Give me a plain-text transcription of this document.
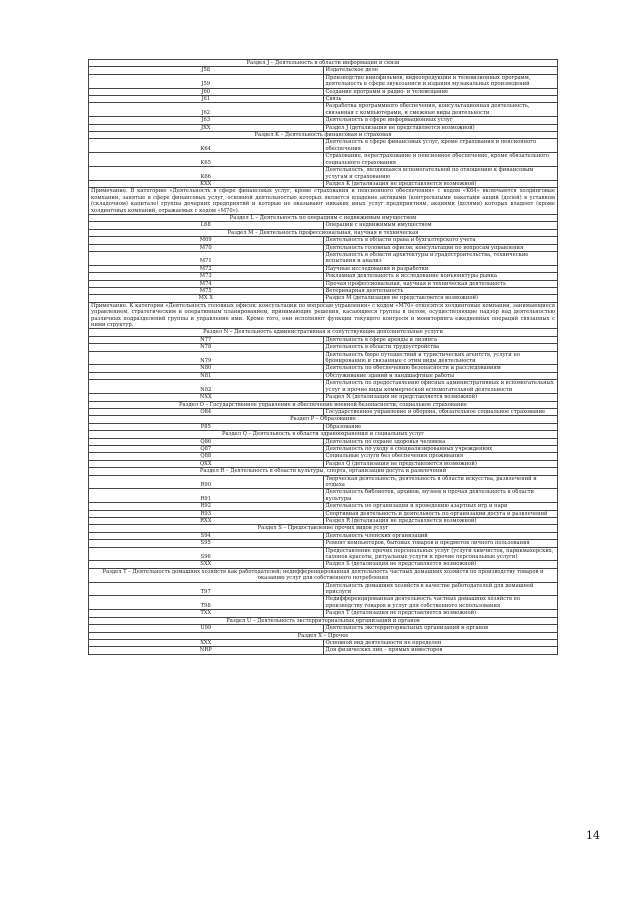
Раздел J – Деятельность в области информации и связи	
J58	Издательское дело
J59	Производство кинофильмов, видеопродукции и телевизионных программ, деятельность в сфере звукозаписи и издания музыкальных произведений
J60	Создание программ и радио- и телевещание
J61	Связь
J62	Разработка программного обеспечения, консультационная деятельность, связанная с компьютерами, и смежные виды деятельности
J63	Деятельность в сфере информационных услуг
JXX	Раздел J (детализация не представляется возможной)
Раздел K – Деятельность финансовая и страховая	
K64	Деятельность в сфере финансовых услуг, кроме страхования и пенсионного обеспечения
K65	Страхование, перестрахование и пенсионное обеспечение, кроме обязательного социального страхования
K66	Деятельность, являющаяся вспомогательной по отношению к финансовым услугам и страхованию
KXX	Раздел K (детализация не представляется возможной)
Примечание. В категорию «Деятельность в сфере финансовых услуг, кроме страхования и пенсионного обеспечения» с кодом «K64» включаются холдинговые компании, занятые в сфере финансовых услуг, основной деятельностью которых является владение активами (контрольными пакетами акций (долей) в уставном (складочном) капитале) группы дочерних предприятий и которые не оказывают никаких иных услуг предприятиям, акциями (долями) которых владеют (кроме холдинговых компаний, отражаемых с кодом «M70»).	
Раздел L – Деятельность по операциям с недвижимым имуществом	
L68	Операции с недвижимым имуществом
Раздел M – Деятельность профессиональная, научная и техническая	
M69	Деятельность в области права и бухгалтерского учета
M70	Деятельность головных офисов; консультации по вопросам управления
M71	Деятельность в области архитектуры и градостроительства, технические испытания и анализ
M72	Научные исследования и разработки
M73	Рекламная деятельность и исследование конъюнктуры рынка
M74	Прочая профессиональная, научная и техническая деятельность
M75	Ветеринарная деятельность
MX X	Раздел M (детализация не представляется возможной)
Примечание. К категории «Деятельность головных офисов; консультации по вопросам управления» с кодом «M70» относятся холдинговые компании, занимающиеся управлением, стратегическим и оперативным планированием, принимающие решения, касающиеся группы в целом, осуществляющие надзор над деятельностью различных подразделений группы и управление ими. Кроме того, они исполняют функции текущего контроля и мониторинга ежедневных операций связанных с ними структур.	
Раздел N – Деятельность административная и сопутствующие дополнительные услуги	
N77	Деятельность в сфере аренды и лизинга
N78	Деятельность в области трудоустройства
N79	Деятельность бюро путешествий и туристических агентств, услуги по бронированию и связанные с этим виды деятельности
N80	Деятельность по обеспечению безопасности и расследованиям
N81	Обслуживание зданий и ландшафтные работы
N82	Деятельность по предоставлению офисных административных и вспомогательных услуг и прочие виды коммерческой вспомогательной деятельности
NXX	Раздел N (детализация не представляется возможной)
Раздел O – Государственное управление и обеспечение военной безопасности; социальное страхование	
O84	Государственное управление и оборона, обязательное социальное страхование
Раздел P – Образование	
P85	Образование
Раздел Q – Деятельность в области здравоохранения и социальных услуг	
Q86	Деятельность по охране здоровья человека
Q87	Деятельность по уходу в специализированных учреждениях
Q88	Социальные услуги без обеспечения проживания
QXX	Раздел Q (детализация не представляется возможной)
Раздел R – Деятельность в области культуры, спорта, организации досуга и развлечений	
R90	Творческая деятельность, деятельность в области искусства, развлечений и отдыха
R91	Деятельность библиотек, архивов, музеев и прочая деятельность в области культуры
R92	Деятельность по организации и проведению азартных игр и пари
R93	Спортивная деятельность и деятельность по организации досуга и развлечений
RXX	Раздел R (детализация не представляется возможной)
Раздел S – Предоставление прочих видов услуг	
S94	Деятельность членских организаций
S95	Ремонт компьютеров, бытовых товаров и предметов личного пользования
S96	Предоставление прочих персональных услуг (услуги химчисток, парикмахерских, салонов красоты, ритуальные услуги и прочие персональные услуги)
SXX	Раздел S (детализация не представляется возможной)
Раздел T – Деятельность домашних хозяйств как работодателей; недифференцированная деятельность частных домашних хозяйств по производству товаров и оказанию услуг для собственного потребления	
T97	Деятельность домашних хозяйств в качестве работодателей для домашней прислуги
T98	Недифференцированная деятельность частных домашних хозяйств по производству товаров и услуг для собственного использования
TXX	Раздел T (детализация не представляется возможной)
Раздел U – Деятельность экстерриториальных организаций и органов	
U99	Деятельность экстерриториальных организаций и органов
Раздел X – Прочее	
XXX	Основной вид деятельности не определен
NRP	Для физических лиц – прямых инвесторов
14
